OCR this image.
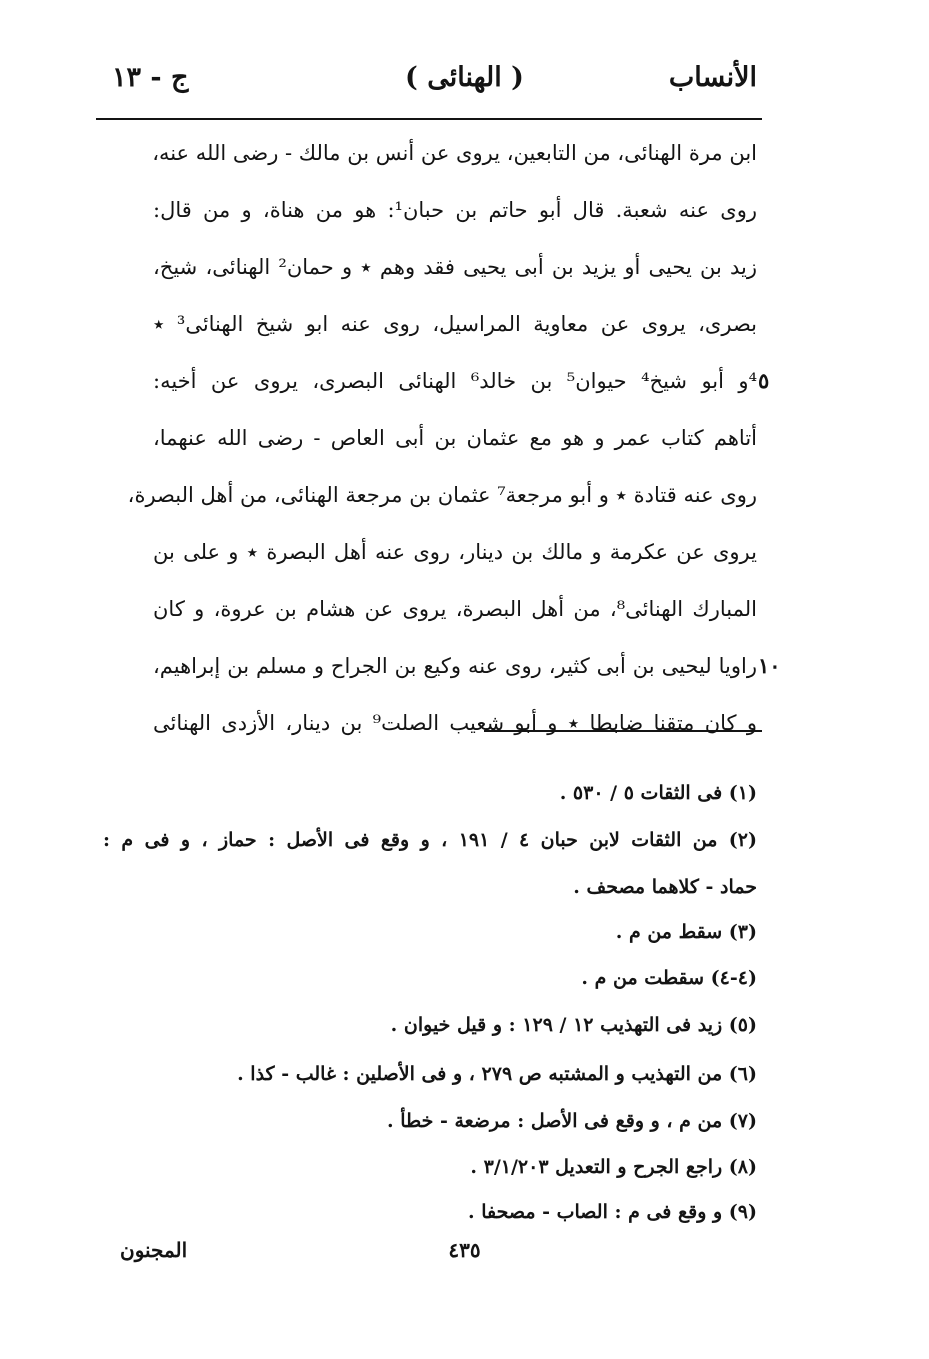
الأنساب
( الهنائى )
ج - ١٣
ابن مرة الهنائى، من التابعين، يروى عن أنس بن مالك - رضى الله عنه،
روى عنه شعبة. قال أبو حاتم بن حبان¹: هو من هناة، و من قال:
زيد بن يحيى أو يزيد بن أبى يحيى فقد وهم ٭ و حمان² الهنائى، شيخ،
بصرى، يروى عن معاوية المراسيل، روى عنه ابو شيخ الهنائى³ ٭
⁴و أبو شيخ⁴ حيوان⁵ بن خالد⁶ الهنائى البصرى، يروى عن أخيه: ٥
أتاهم كتاب عمر و هو مع عثمان بن أبى العاص - رضى الله عنهما،
روى عنه قتادة ٭ و أبو مرجعة⁷ عثمان بن مرجعة الهنائى، من أهل البصرة،
يروى عن عكرمة و مالك بن دينار، روى عنه أهل البصرة ٭ و على بن
المبارك الهنائى⁸، من أهل البصرة، يروى عن هشام بن عروة، و كان
راويا ليحيى بن أبى كثير، روى عنه وكيع بن الجراح و مسلم بن إبراهيم، ١٠
و كان متقنا ضابطا ٭ و أبو شعيب الصلت⁹ بن دينار، الأزدى الهنائى
(١) فى الثقات ٥ / ٥٣٠ .
(٢) من الثقات لابن حبان ٤ / ١٩١ ، و وقع فى الأصل : حماز ، و فى م :
حماد - كلاهما مصحف .
(٣) سقط من م .
(٤-٤) سقطت من م .
(٥) زيد فى التهذيب ١٢ / ١٢٩ : و قيل خيوان .
(٦) من التهذيب و المشتبه ص ٢٧٩ ، و فى الأصلين : غالب - كذا .
(٧) من م ، و وقع فى الأصل : مرضعة - خطأ .
(٨) راجع الجرح و التعديل ٣/١/٢٠٣ .
(٩) و وقع فى م : الصاب - مصحفا .
٤٣٥
المجنون
